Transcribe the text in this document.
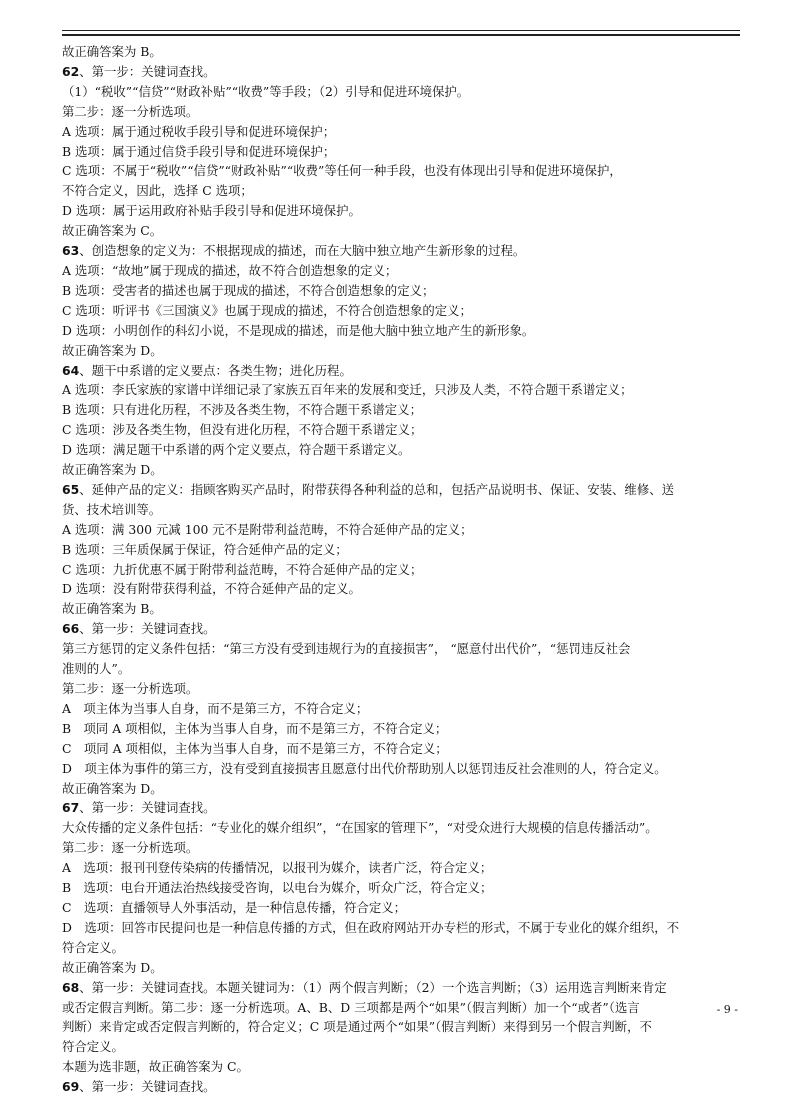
故正确答案为 B。
62、第一步：关键词查找。
（1）“税收”“信贷”“财政补贴”“收费”等手段；（2）引导和促进环境保护。
第二步：逐一分析选项。
A 选项：属于通过税收手段引导和促进环境保护；
B 选项：属于通过信贷手段引导和促进环境保护；
C 选项：不属于“税收”“信贷”“财政补贴”“收费”等任何一种手段，也没有体现出引导和促进环境保护，
不符合定义，因此，选择 C 选项；
D 选项：属于运用政府补贴手段引导和促进环境保护。
故正确答案为 C。
63、创造想象的定义为：不根据现成的描述，而在大脑中独立地产生新形象的过程。
A 选项：“故地”属于现成的描述，故不符合创造想象的定义；
B 选项：受害者的描述也属于现成的描述，不符合创造想象的定义；
C 选项：听评书《三国演义》也属于现成的描述，不符合创造想象的定义；
D 选项：小明创作的科幻小说，不是现成的描述，而是他大脑中独立地产生的新形象。
故正确答案为 D。
64、题干中系谱的定义要点：各类生物；进化历程。
A 选项：李氏家族的家谱中详细记录了家族五百年来的发展和变迁，只涉及人类，不符合题干系谱定义；
B 选项：只有进化历程，不涉及各类生物，不符合题干系谱定义；
C 选项：涉及各类生物，但没有进化历程，不符合题干系谱定义；
D 选项：满足题干中系谱的两个定义要点，符合题干系谱定义。
故正确答案为 D。
65、延伸产品的定义：指顾客购买产品时，附带获得各种利益的总和，包括产品说明书、保证、安装、维修、送
货、技术培训等。
A 选项：满 300 元减 100 元不是附带利益范畴，不符合延伸产品的定义；
B 选项：三年质保属于保证，符合延伸产品的定义；
C 选项：九折优惠不属于附带利益范畴，不符合延伸产品的定义；
D 选项：没有附带获得利益，不符合延伸产品的定义。
故正确答案为 B。
66、第一步：关键词查找。
第三方惩罚的定义条件包括：“第三方没有受到违规行为的直接损害”， “愿意付出代价”，“惩罚违反社会
准则的人”。
第二步：逐一分析选项。
A　项主体为当事人自身，而不是第三方，不符合定义；
B　项同 A 项相似，主体为当事人自身，而不是第三方，不符合定义；
C　项同 A 项相似，主体为当事人自身，而不是第三方，不符合定义；
D　项主体为事件的第三方，没有受到直接损害且愿意付出代价帮助别人以惩罚违反社会准则的人，符合定义。
故正确答案为 D。
67、第一步：关键词查找。
大众传播的定义条件包括：“专业化的媒介组织”，“在国家的管理下”，“对受众进行大规模的信息传播活动”。
第二步：逐一分析选项。
A　选项：报刊刊登传染病的传播情况，以报刊为媒介，读者广泛，符合定义；
B　选项：电台开通法治热线接受咨询，以电台为媒介，听众广泛，符合定义；
C　选项：直播领导人外事活动，是一种信息传播，符合定义；
D　选项：回答市民提问也是一种信息传播的方式，但在政府网站开办专栏的形式，不属于专业化的媒介组织，不
符合定义。
故正确答案为 D。
68、第一步：关键词查找。本题关键词为：（1）两个假言判断；（2）一个选言判断；（3）运用选言判断来肯定
或否定假言判断。第二步：逐一分析选项。A、B、D 三项都是两个“如果”（假言判断）加一个“或者”（选言
判断）来肯定或否定假言判断的，符合定义；C 项是通过两个“如果”（假言判断）来得到另一个假言判断，不
符合定义。
本题为选非题，故正确答案为 C。
69、第一步：关键词查找。
- 9 -
